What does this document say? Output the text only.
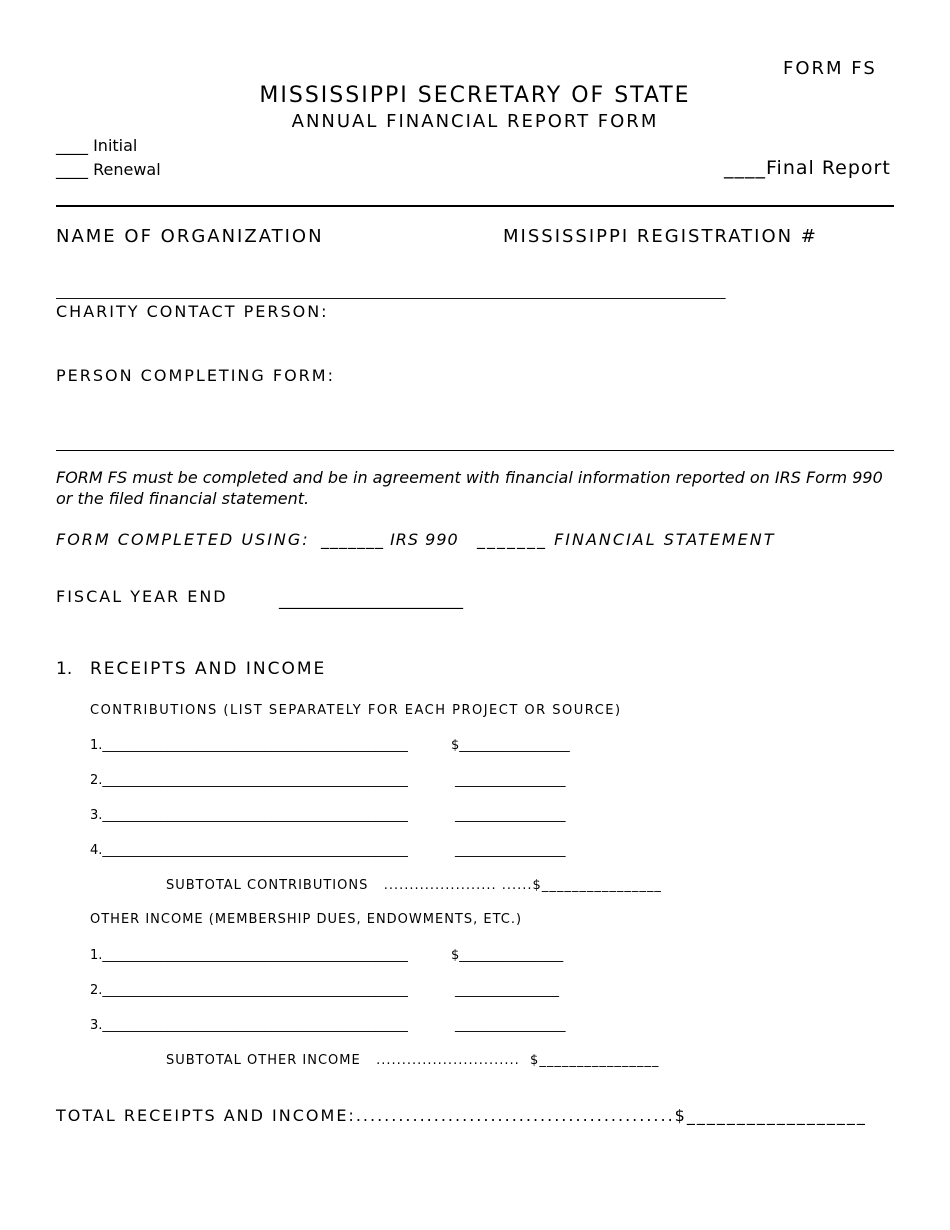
FORM FS
MISSISSIPPI SECRETARY OF STATE
ANNUAL FINANCIAL REPORT FORM
____ Initial
____ Renewal	____Final Report
NAME OF ORGANIZATION	MISSISSIPPI REGISTRATION #
_______________________________________________________________________________________________________
CHARITY CONTACT PERSON:
PERSON COMPLETING FORM:
FORM FS must be completed and be in agreement with financial information reported on IRS Form 990 or the filed financial statement.
FORM COMPLETED USING: _______ IRS 990 _______ FINANCIAL STATEMENT
FISCAL YEAR END	_______________________
1. RECEIPTS AND INCOME
CONTRIBUTIONS (LIST SEPARATELY FOR EACH PROJECT OR SOURCE)
1._______________________________________________	$_________________
2._______________________________________________	_________________
3._______________________________________________	_________________
4._______________________________________________	_________________
SUBTOTAL CONTRIBUTIONS   ...................... ......$________________
OTHER INCOME (MEMBERSHIP DUES, ENDOWMENTS, ETC.)
1._______________________________________________	$________________
2._______________________________________________	________________
3._______________________________________________	_________________
SUBTOTAL OTHER INCOME   ............................  $________________
TOTAL RECEIPTS AND INCOME:.............................................$__________________
